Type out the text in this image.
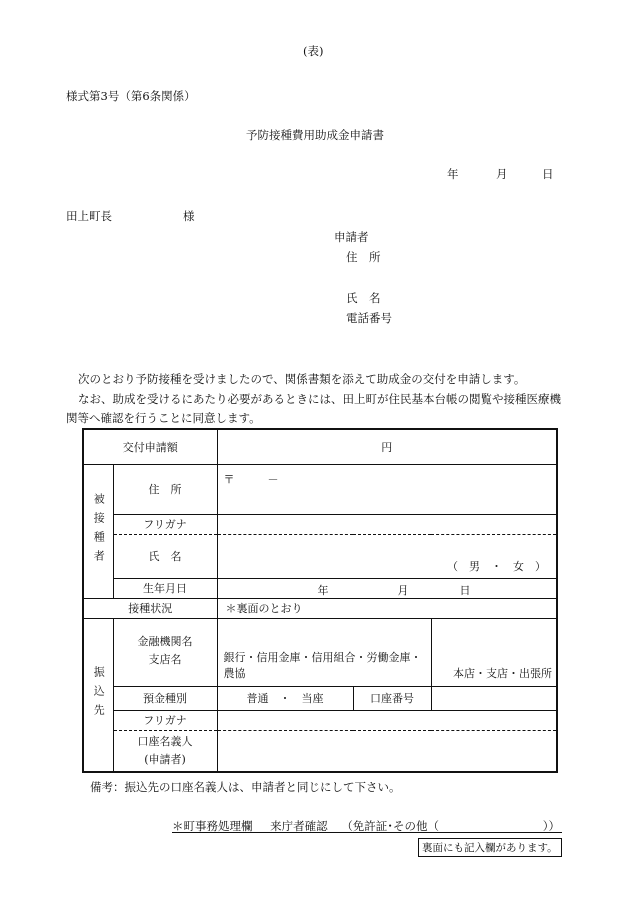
(表)
様式第3号（第6条関係）
予防接種費用助成金申請書
年	月	日
田上町長	様
申請者
住　所
氏　名
電話番号
次のとおり予防接種を受けましたので、関係書類を添えて助成金の交付を申請します。
なお、助成を受けるにあたり必要があるときには、田上町が住民基本台帳の閲覧や接種医療機
関等へ確認を行うことに同意します。
交付申請額		円		

被接種者	住　所	〒　　　－		
	フリガナ			
	氏　名	（　男　・　女　）		
	生年月日	年 月 日		

接種状況		＊裏面のとおり		

振込先	金融機関名
支店名	銀行・信用金庫・信用組合・労働金庫・農協		本店・支店・出張所
	預金種別	普通　・　当座	口座番号	
	フリガナ			

	口座名義人
(申請者)			

備考：振込先の口座名義人は、申請者と同じにして下さい。
＊町事務処理欄 来庁者確認 （免許証･その他（	））
裏面にも記入欄があります。
